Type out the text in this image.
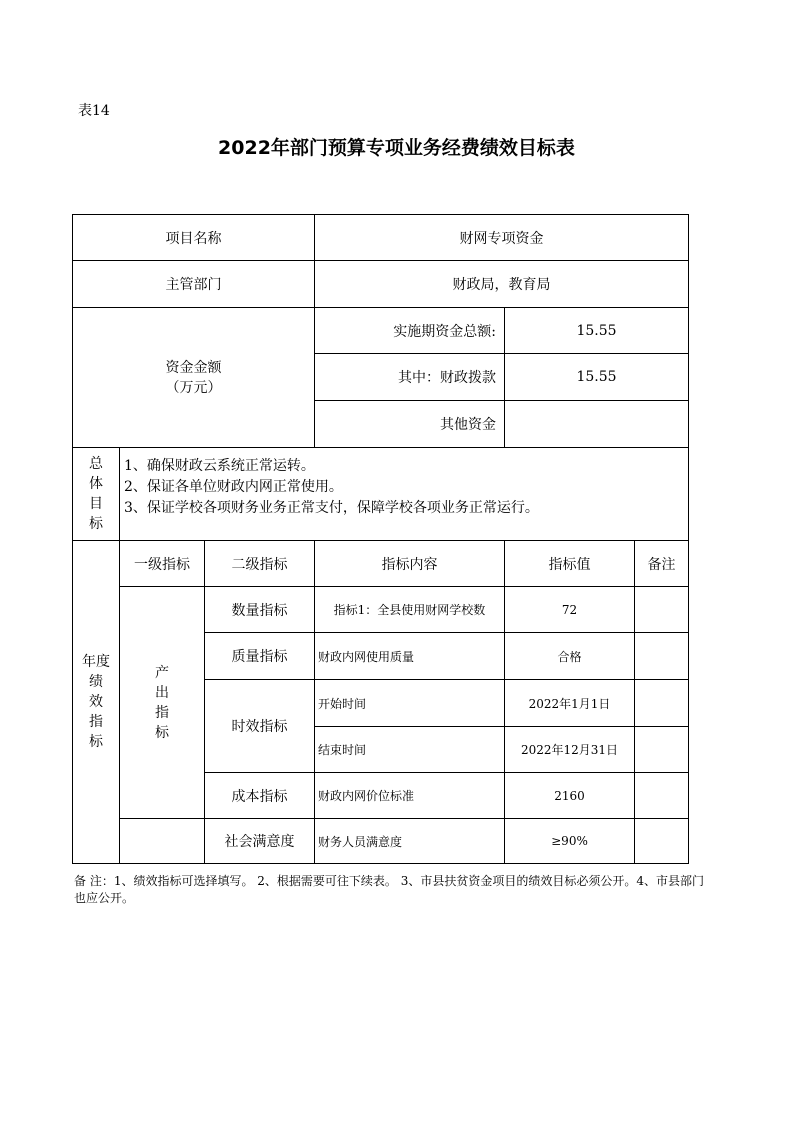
表14
2022年部门预算专项业务经费绩效目标表
项目名称	财网专项资金
主管部门	财政局，教育局
资金金额
（万元）
实施期资金总额:	15.55
其中：财政拨款	15.55
其他资金
总
体
目
标
1、确保财政云系统正常运转。
2、保证各单位财政内网正常使用。
3、保证学校各项财务业务正常支付，保障学校各项业务正常运行。
年度
绩
效
指
标
一级指标	二级指标	指标内容	指标值	备注
产
出
指
标
数量指标	指标1：全县使用财网学校数	72
质量指标	财政内网使用质量	合格
时效指标
开始时间	2022年1月1日
结束时间	2022年12月31日
成本指标	财政内网价位标准	2160
社会满意度	财务人员满意度	≥90%
备 注：1、绩效指标可选择填写。 2、根据需要可往下续表。 3、市县扶贫资金项目的绩效目标必须公开。4、市县部门也应公开。
